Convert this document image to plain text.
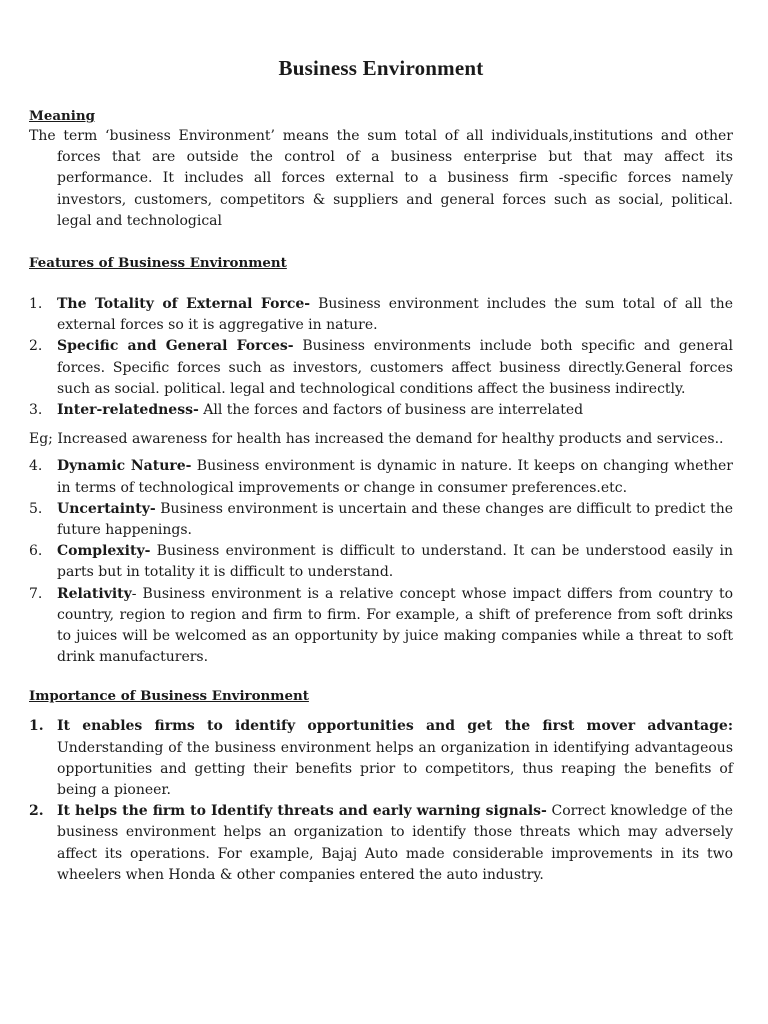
Business Environment

Meaning

The term ‘business Environment’ means the sum total of all individuals,institutions and other forces that are outside the control of a business enterprise but that may affect its performance. It includes all forces external to a business firm -specific forces namely investors, customers, competitors & suppliers and general forces such as social, political. legal and technological

Features of Business Environment

1. The Totality of External Force- Business environment includes the sum total of all the external forces so it is aggregative in nature.
2. Specific and General Forces- Business environments include both specific and general forces. Specific forces such as investors, customers affect business directly.General forces such as social. political. legal and technological conditions affect the business indirectly.
3. Inter-relatedness- All the forces and factors of business are interrelated

Eg; Increased awareness for health has increased the demand for healthy products and services..

4. Dynamic Nature- Business environment is dynamic in nature. It keeps on changing whether in terms of technological improvements or change in consumer preferences.etc.
5. Uncertainty- Business environment is uncertain and these changes are difficult to predict the future happenings.
6. Complexity- Business environment is difficult to understand. It can be understood easily in parts but in totality it is difficult to understand.
7. Relativity- Business environment is a relative concept whose impact differs from country to country, region to region and firm to firm. For example, a shift of preference from soft drinks to juices will be welcomed as an opportunity by juice making companies while a threat to soft drink manufacturers.

Importance of Business Environment

1. It enables firms to identify opportunities and get the first mover advantage: Understanding of the business environment helps an organization in identifying advantageous opportunities and getting their benefits prior to competitors, thus reaping the benefits of being a pioneer.
2. It helps the firm to Identify threats and early warning signals- Correct knowledge of the business environment helps an organization to identify those threats which may adversely affect its operations. For example, Bajaj Auto made considerable improvements in its two wheelers when Honda & other companies entered the auto industry.
